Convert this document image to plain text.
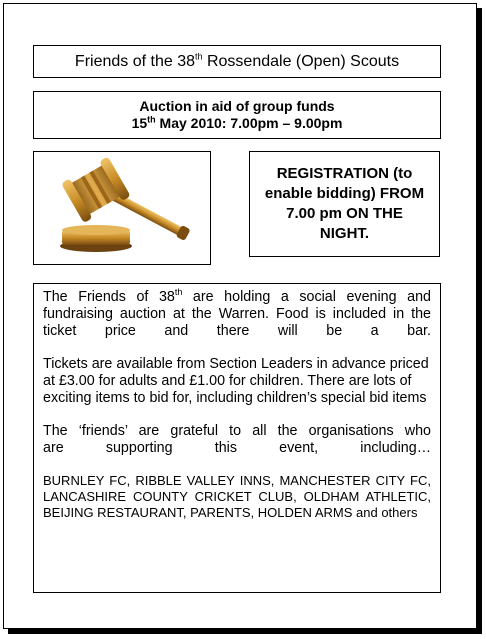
Friends of the 38th Rossendale (Open) Scouts
Auction in aid of group funds
15th May 2010: 7.00pm – 9.00pm
REGISTRATION (to enable bidding) FROM 7.00 pm ON THE NIGHT.

The Friends of 38th are holding a social evening and fundraising auction at the Warren. Food is included in the ticket price and there will be a bar.

Tickets are available from Section Leaders in advance priced at £3.00 for adults and £1.00 for children. There are lots of exciting items to bid for, including children’s special bid items

The ‘friends’ are grateful to all the organisations who
are supporting this event, including…

BURNLEY FC, RIBBLE VALLEY INNS, MANCHESTER CITY FC, LANCASHIRE COUNTY CRICKET CLUB, OLDHAM ATHLETIC, BEIJING RESTAURANT, PARENTS, HOLDEN ARMS and others
